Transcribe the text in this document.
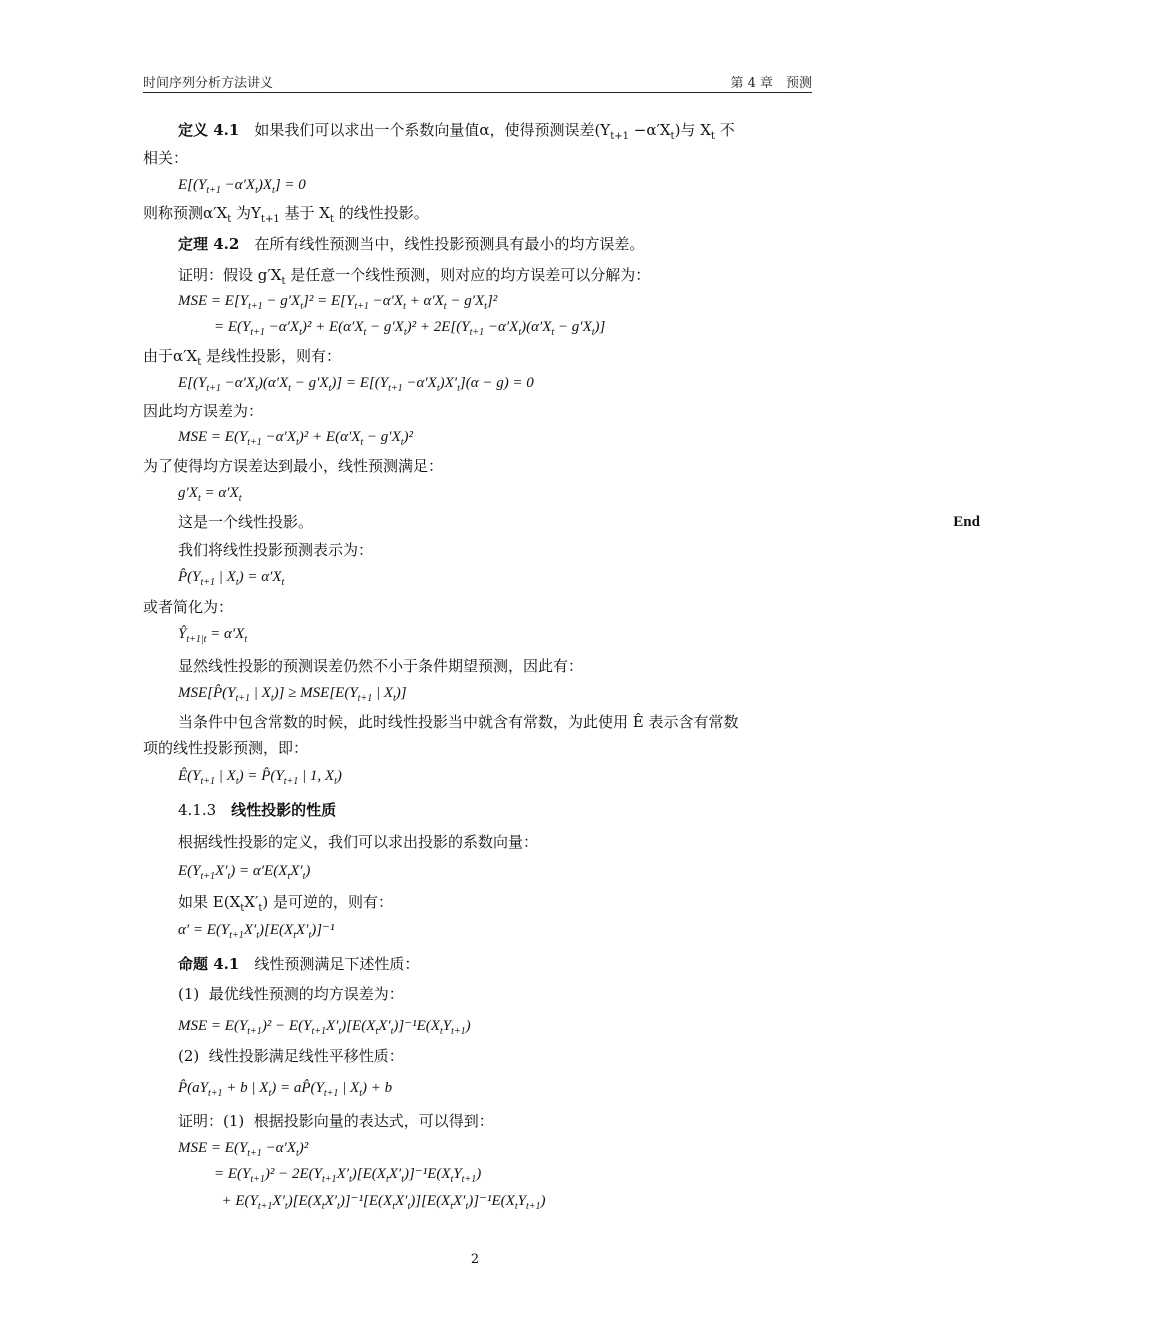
时间序列分析方法讲义	第 4 章　预测
定义 4.1　如果我们可以求出一个系数向量值α，使得预测误差$(Y_{t+1} -\alpha'X_t)$与 $X_t$ 不
相关：
$E[(Y_{t+1} -\alpha'X_t)X_t] = 0$
则称预测$\alpha'X_t$ 为$Y_{t+1}$ 基于 $X_t$ 的线性投影。
定理 4.2　在所有线性预测当中，线性投影预测具有最小的均方误差。
证明：假设 $g'X_t$ 是任意一个线性预测，则对应的均方误差可以分解为：
MSE = $E[Y_{t+1} - g'X_t]^2 = E[Y_{t+1} -\alpha'X_t + \alpha'X_t - g'X_t]^2$
= $E(Y_{t+1} -\alpha'X_t)^2 + E(\alpha'X_t - g'X_t)^2 + 2E[(Y_{t+1} -\alpha'X_t)(\alpha'X_t - g'X_t)]$
由于$\alpha'X_t$ 是线性投影，则有：
$E[(Y_{t+1} -\alpha'X_t)(\alpha'X_t - g'X_t)] = E[(Y_{t+1} -\alpha'X_t)X'_t](\alpha - g) = 0$
因此均方误差为：
MSE = $E(Y_{t+1} -\alpha'X_t)^2 + E(\alpha'X_t - g'X_t)^2$
为了使得均方误差达到最小，线性预测满足：
$g'X_t = \alpha'X_t$
这是一个线性投影。	End
我们将线性投影预测表示为：
$P̂(Y_{t+1}$ | $X_t) = \alpha'X_t$
或者简化为：
$Ŷ_{t+1|t} = \alpha'X_t$
显然线性投影的预测误差仍然不小于条件期望预测，因此有：
$MSE[P̂(Y_{t+1}$ | $X_t)] \ge MSE[E(Y_{t+1}$ | $X_t$)]
当条件中包含常数的时候，此时线性投影当中就含有常数，为此使用 Ê 表示含有常数
项的线性投影预测，即：
$Ê(Y_{t+1}$ | $X_t$) = $P̂(Y_{t+1}$ | 1, $X_t$)
4.1.3　线性投影的性质
根据线性投影的定义，我们可以求出投影的系数向量：
$E(Y_{t+1}X'_t) = \alpha'E(X_tX'_t)$
如果 $E(X_tX'_t)$ 是可逆的，则有：
$\alpha' = E(Y_{t+1}X'_t)[E(X_tX'_t)]^{-1}$
命题 4.1　线性预测满足下述性质：
(1)  最优线性预测的均方误差为：
MSE = $E(Y_{t+1})^2 - E(Y_{t+1}X'_t)[E(X_tX'_t)]^{-1}E(X_tY_{t+1})$
(2)  线性投影满足线性平移性质：
$P̂(aY_{t+1} + b$ | $X_t$) = $aP̂(Y_{t+1}$ | $X_t) + b$
证明：(1)  根据投影向量的表达式，可以得到：
MSE = $E(Y_{t+1} -\alpha'X_t)^2$
= $E(Y_{t+1})^2 - 2E(Y_{t+1}X'_t)[E(X_tX'_t)]^{-1}E(X_tY_{t+1})$
+ $E(Y_{t+1}X'_t)[E(X_tX'_t)]^{-1}[E(X_tX'_t)][E(X_tX'_t)]^{-1}E(X_tY_{t+1})$
2
